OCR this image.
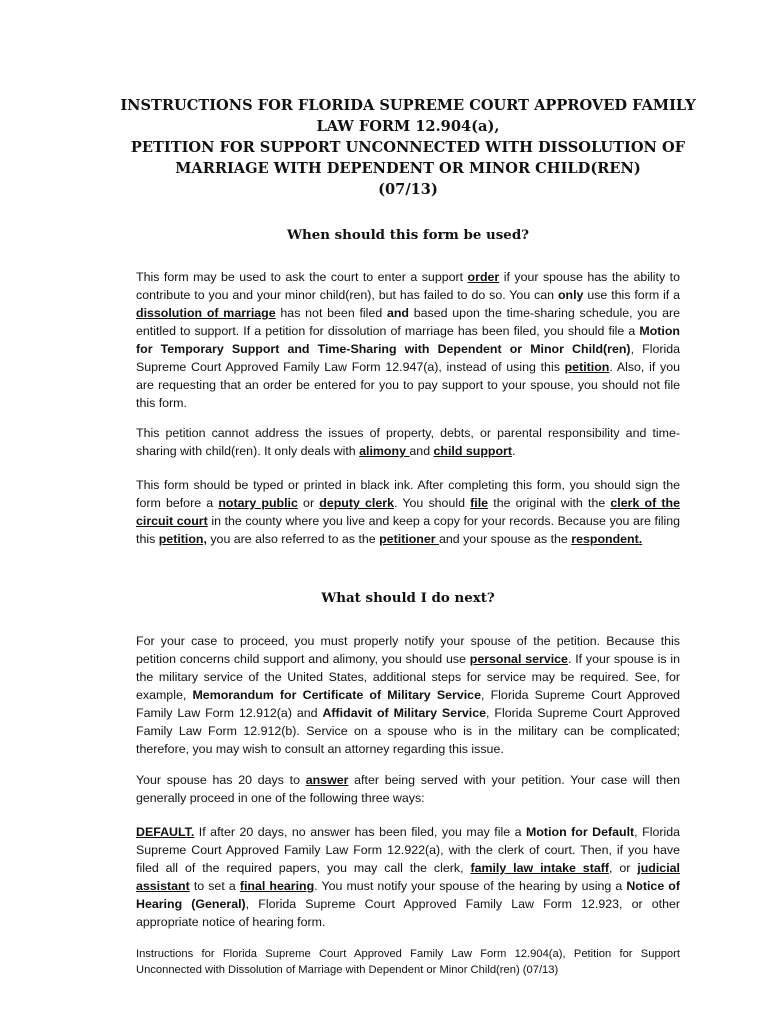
INSTRUCTIONS FOR FLORIDA SUPREME COURT APPROVED FAMILY
LAW FORM 12.904(a),
PETITION FOR SUPPORT UNCONNECTED WITH DISSOLUTION OF
MARRIAGE WITH DEPENDENT OR MINOR CHILD(REN)
(07/13)
When should this form be used?

This form may be used to ask the court to enter a support order if your spouse has the ability to contribute to you and your minor child(ren), but has failed to do so. You can only use this form if a dissolution of marriage has not been filed and based upon the time-sharing schedule, you are entitled to support. If a petition for dissolution of marriage has been filed, you should file a Motion for Temporary Support and Time-Sharing with Dependent or Minor Child(ren), Florida Supreme Court Approved Family Law Form 12.947(a), instead of using this petition. Also, if you are requesting that an order be entered for you to pay support to your spouse, you should not file this form.

This petition cannot address the issues of property, debts, or parental responsibility and time-sharing with child(ren). It only deals with alimony and child support.

This form should be typed or printed in black ink. After completing this form, you should sign the form before a notary public or deputy clerk. You should file the original with the clerk of the circuit court in the county where you live and keep a copy for your records. Because you are filing this petition, you are also referred to as the petitioner and your spouse as the respondent.

What should I do next?

For your case to proceed, you must properly notify your spouse of the petition. Because this petition concerns child support and alimony, you should use personal service. If your spouse is in the military service of the United States, additional steps for service may be required. See, for example, Memorandum for Certificate of Military Service, Florida Supreme Court Approved Family Law Form 12.912(a) and Affidavit of Military Service, Florida Supreme Court Approved Family Law Form 12.912(b). Service on a spouse who is in the military can be complicated; therefore, you may wish to consult an attorney regarding this issue.

Your spouse has 20 days to answer after being served with your petition. Your case will then generally proceed in one of the following three ways:

DEFAULT. If after 20 days, no answer has been filed, you may file a Motion for Default, Florida Supreme Court Approved Family Law Form 12.922(a), with the clerk of court. Then, if you have filed all of the required papers, you may call the clerk, family law intake staff, or judicial assistant to set a final hearing. You must notify your spouse of the hearing by using a Notice of Hearing (General), Florida Supreme Court Approved Family Law Form 12.923, or other appropriate notice of hearing form.

Instructions for Florida Supreme Court Approved Family Law Form 12.904(a), Petition for Support Unconnected with Dissolution of Marriage with Dependent or Minor Child(ren) (07/13)
